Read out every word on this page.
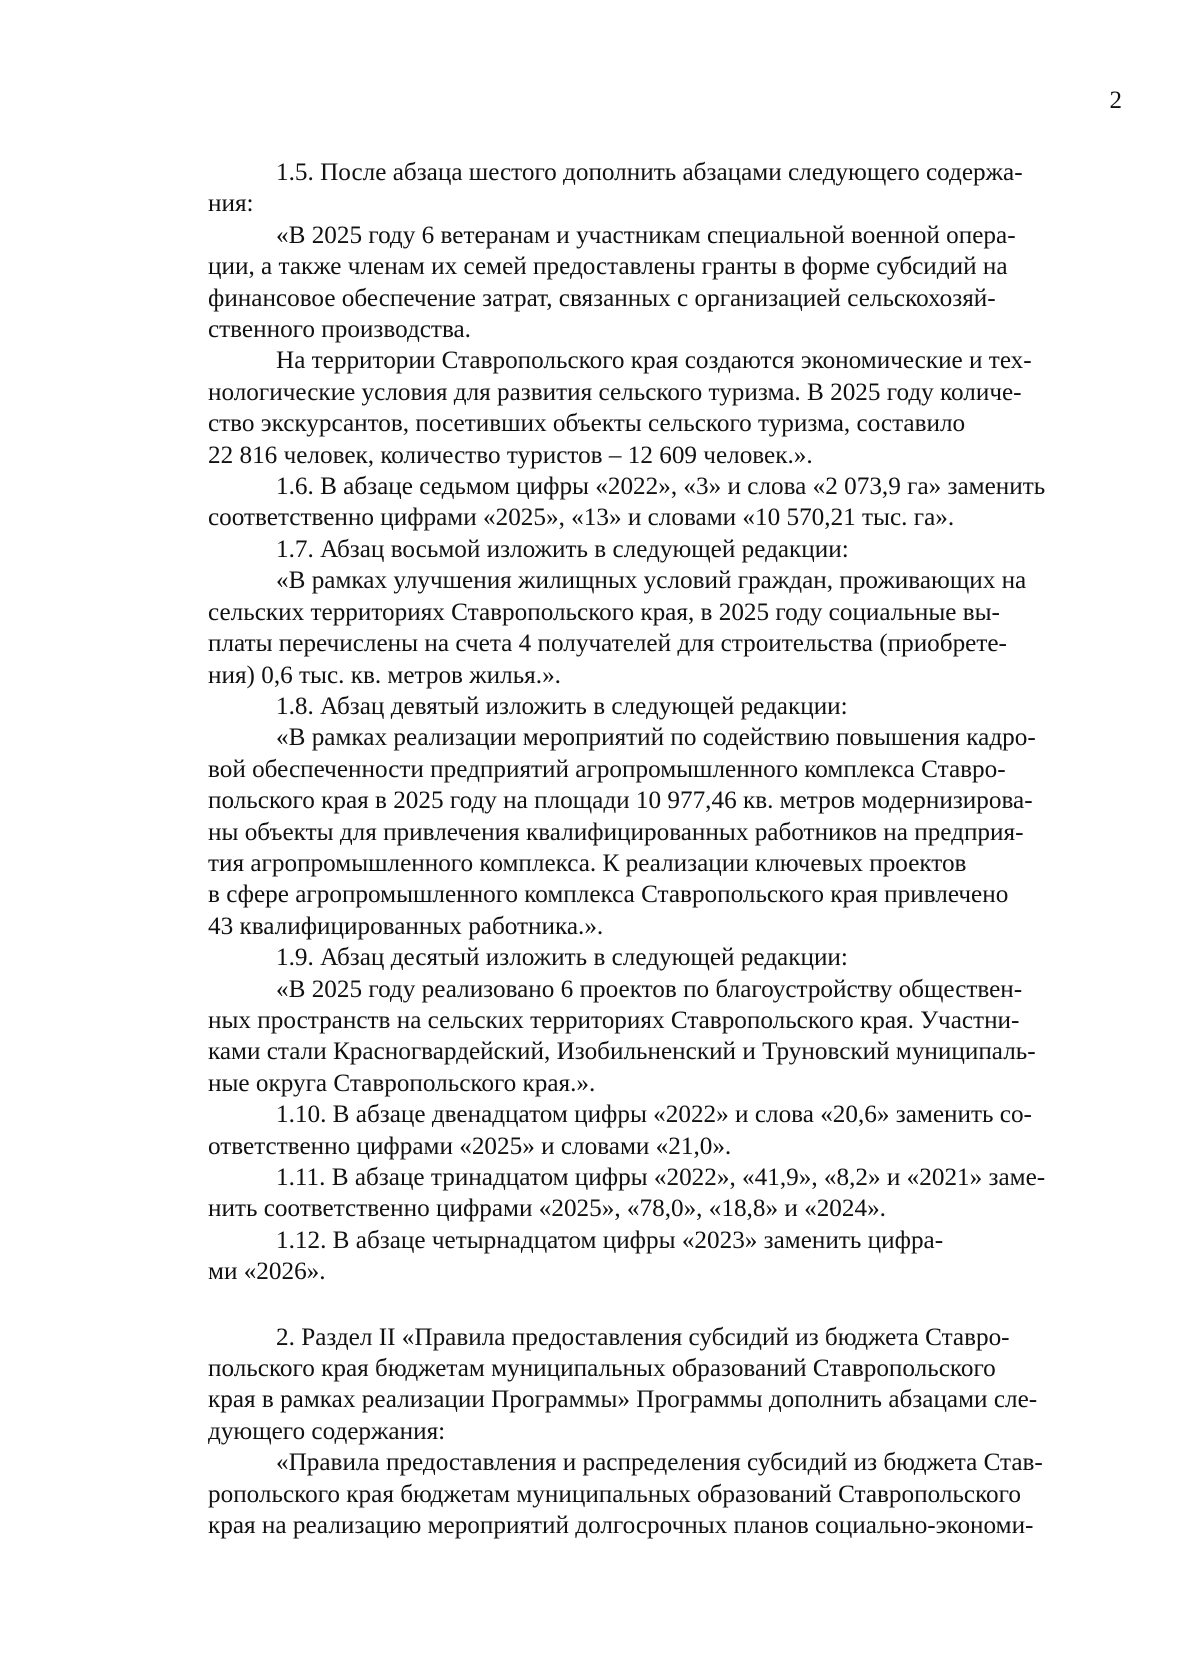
2

1.5. После абзаца шестого дополнить абзацами следующего содержа-
ния:

«В 2025 году 6 ветеранам и участникам специальной военной опера-
ции, а также членам их семей предоставлены гранты в форме субсидий на
финансовое обеспечение затрат, связанных с организацией сельскохозяй-
ственного производства.

На территории Ставропольского края создаются экономические и тех-
нологические условия для развития сельского туризма. В 2025 году количе-
ство экскурсантов, посетивших объекты сельского туризма, составило
22 816 человек, количество туристов – 12 609 человек.».

1.6. В абзаце седьмом цифры «2022», «3» и слова «2 073,9 га» заменить
соответственно цифрами «2025», «13» и словами «10 570,21 тыс. га».

1.7. Абзац восьмой изложить в следующей редакции:

«В рамках улучшения жилищных условий граждан, проживающих на
сельских территориях Ставропольского края, в 2025 году социальные вы-
платы перечислены на счета 4 получателей для строительства (приобрете-
ния) 0,6 тыс. кв. метров жилья.».

1.8. Абзац девятый изложить в следующей редакции:

«В рамках реализации мероприятий по содействию повышения кадро-
вой обеспеченности предприятий агропромышленного комплекса Ставро-
польского края в 2025 году на площади 10 977,46 кв. метров модернизирова-
ны объекты для привлечения квалифицированных работников на предприя-
тия агропромышленного комплекса. К реализации ключевых проектов
в сфере агропромышленного комплекса Ставропольского края привлечено
43 квалифицированных работника.».

1.9. Абзац десятый изложить в следующей редакции:

«В 2025 году реализовано 6 проектов по благоустройству обществен-
ных пространств на сельских территориях Ставропольского края. Участни-
ками стали Красногвардейский, Изобильненский и Труновский муниципаль-
ные округа Ставропольского края.».

1.10. В абзаце двенадцатом цифры «2022» и слова «20,6» заменить со-
ответственно цифрами «2025» и словами «21,0».

1.11. В абзаце тринадцатом цифры «2022», «41,9», «8,2» и «2021» заме-
нить соответственно цифрами «2025», «78,0», «18,8» и «2024».

1.12. В абзаце четырнадцатом цифры «2023» заменить цифра-
ми «2026».

2. Раздел II «Правила предоставления субсидий из бюджета Ставро-
польского края бюджетам муниципальных образований Ставропольского
края в рамках реализации Программы» Программы дополнить абзацами сле-
дующего содержания:

«Правила предоставления и распределения субсидий из бюджета Став-
ропольского края бюджетам муниципальных образований Ставропольского
края на реализацию мероприятий долгосрочных планов социально-экономи-
